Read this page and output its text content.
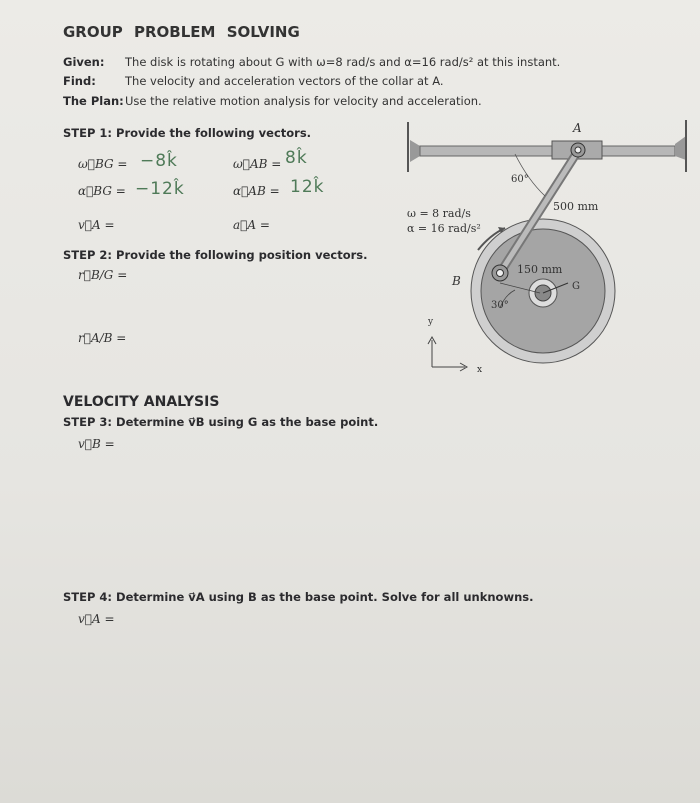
GROUP PROBLEM SOLVING
Given: The disk is rotating about G with ω=8 rad/s and α=16 rad/s² at this instant.
Find:	The velocity and acceleration vectors of the collar at A.
The Plan: Use the relative motion analysis for velocity and acceleration.
STEP 1: Provide the following vectors.
ω⃗BG = −8k̂
α⃗BG = −12k̂
v⃗A =
ω⃗AB = 8k̂
α⃗AB = 12k̂
a⃗A =
STEP 2: Provide the following position vectors.
r⃗B/G =
r⃗A/B =
VELOCITY ANALYSIS
STEP 3: Determine v⃗B using G as the base point.
v⃗B =
STEP 4: Determine v⃗A using B as the base point. Solve for all unknowns.
v⃗A =
A
B	G
60°
30°
500 mm
150 mm
ω = 8 rad/s
α = 16 rad/s²
y
x
